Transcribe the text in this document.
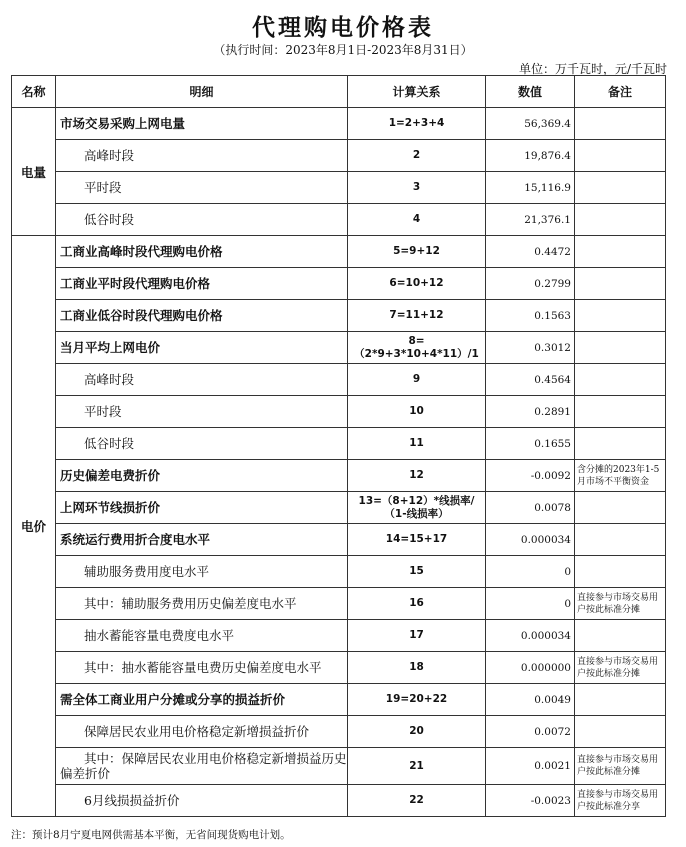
代理购电价格表
（执行时间：2023年8月1日-2023年8月31日）
单位：万千瓦时，元/千瓦时
名称	明细	计算关系	数值	备注
电量	市场交易采购上网电量	1=2+3+4	56,369.4	
	高峰时段	2	19,876.4	
	平时段	3	15,116.9	
	低谷时段	4	21,376.1	
电价	工商业高峰时段代理购电价格	5=9+12	0.4472	
	工商业平时段代理购电价格	6=10+12	0.2799	
	工商业低谷时段代理购电价格	7=11+12	0.1563	
	当月平均上网电价	8=（2*9+3*10+4*11）/1	0.3012	
	高峰时段	9	0.4564	
	平时段	10	0.2891	
	低谷时段	11	0.1655	
	历史偏差电费折价	12	-0.0092	含分摊的2023年1-5月市场不平衡资金
	上网环节线损折价	13=（8+12）*线损率/（1-线损率）	0.0078	
	系统运行费用折合度电水平	14=15+17	0.000034	
	辅助服务费用度电水平	15	0	
	其中：辅助服务费用历史偏差度电水平	16	0	直接参与市场交易用户按此标准分摊
	抽水蓄能容量电费度电水平	17	0.000034	
	其中：抽水蓄能容量电费历史偏差度电水平	18	0.000000	直接参与市场交易用户按此标准分摊
	需全体工商业用户分摊或分享的损益折价	19=20+22	0.0049	
	保障居民农业用电价格稳定新增损益折价	20	0.0072	
	其中：保障居民农业用电价格稳定新增损益历史偏差折价	21	0.0021	直接参与市场交易用户按此标准分摊
	6月线损损益折价	22	-0.0023	直接参与市场交易用户按此标准分享
注：预计8月宁夏电网供需基本平衡，无省间现货购电计划。
